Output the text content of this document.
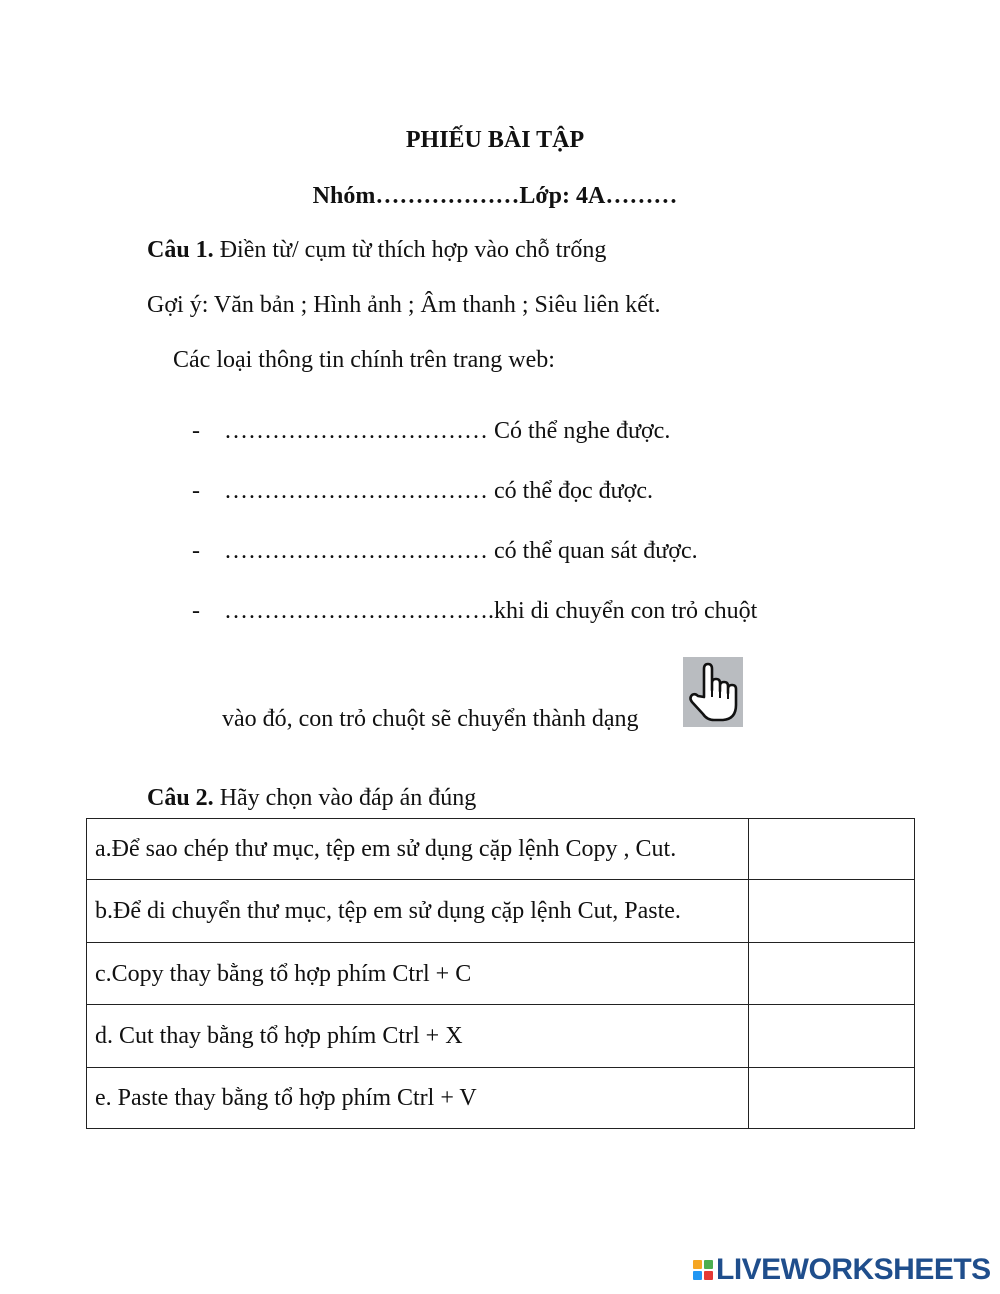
PHIẾU BÀI TẬP
Nhóm………………Lớp: 4A………
Câu 1. Điền từ/ cụm từ thích hợp vào chỗ trống
Gợi ý: Văn bản ; Hình ảnh ; Âm thanh ; Siêu liên kết.
Các loại thông tin chính trên trang web:
- …………………………… Có thể nghe được.
- …………………………… có thể đọc được.
- …………………………… có thể quan sát được.
- …………………………….khi di chuyển con trỏ chuột
vào đó, con trỏ chuột sẽ chuyển thành dạng
Câu 2. Hãy chọn vào đáp án đúng
a.Để sao chép thư mục, tệp em sử dụng cặp lệnh Copy , Cut.	
b.Để di chuyển thư mục, tệp em sử dụng cặp lệnh Cut, Paste.	
c.Copy thay bằng tổ hợp phím Ctrl + C	
d. Cut thay bằng tổ hợp phím Ctrl + X	
e. Paste thay bằng tổ hợp phím Ctrl + V	
LIVEWORKSHEETS
